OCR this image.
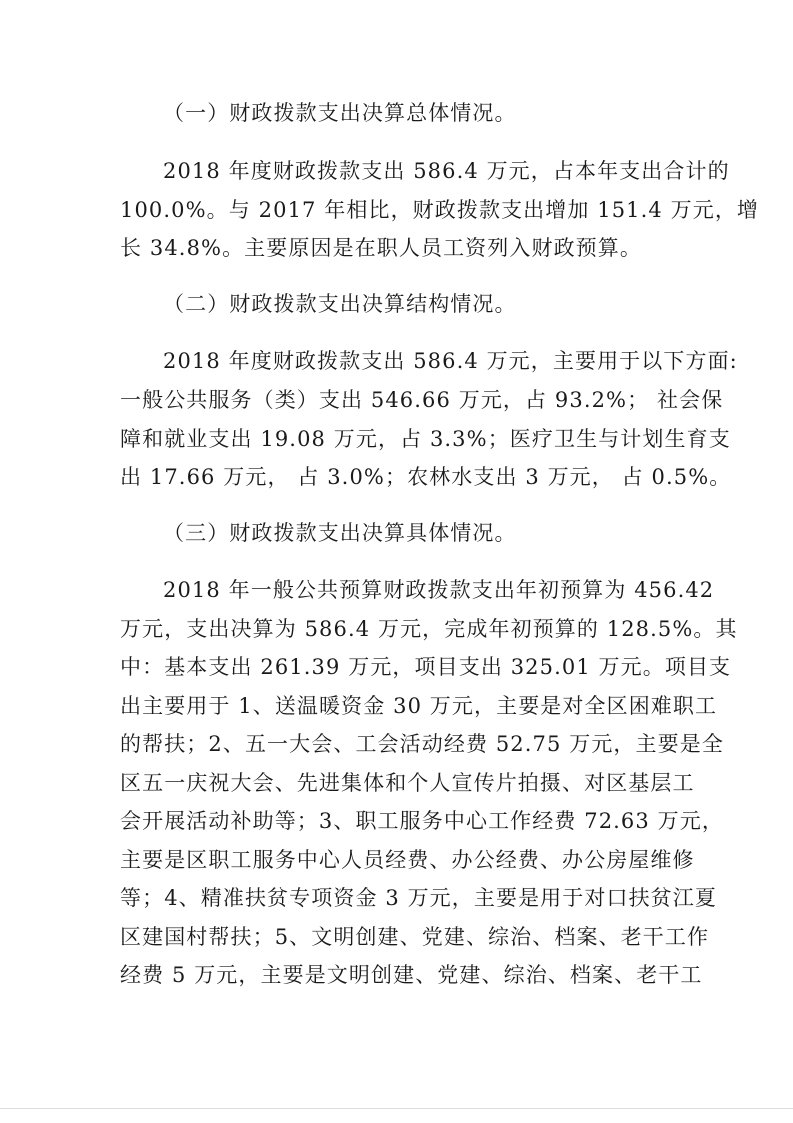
（一）财政拨款支出决算总体情况。
2018 年度财政拨款支出 586.4 万元，占本年支出合计的
100.0%。与 2017 年相比，财政拨款支出增加 151.4 万元，增
长 34.8%。主要原因是在职人员工资列入财政预算。
（二）财政拨款支出决算结构情况。
2018 年度财政拨款支出 586.4 万元，主要用于以下方面:
一般公共服务（类）支出 546.66 万元，占 93.2%； 社会保
障和就业支出 19.08 万元，占 3.3%；医疗卫生与计划生育支
出 17.66 万元， 占 3.0%；农林水支出 3 万元， 占 0.5%。
（三）财政拨款支出决算具体情况。
2018 年一般公共预算财政拨款支出年初预算为 456.42
万元，支出决算为 586.4 万元，完成年初预算的 128.5%。其
中：基本支出 261.39 万元，项目支出 325.01 万元。项目支
出主要用于 1、送温暖资金 30 万元，主要是对全区困难职工
的帮扶；2、五一大会、工会活动经费 52.75 万元，主要是全
区五一庆祝大会、先进集体和个人宣传片拍摄、对区基层工
会开展活动补助等；3、职工服务中心工作经费 72.63 万元，
主要是区职工服务中心人员经费、办公经费、办公房屋维修
等；4、精准扶贫专项资金 3 万元，主要是用于对口扶贫江夏
区建国村帮扶；5、文明创建、党建、综治、档案、老干工作
经费 5 万元，主要是文明创建、党建、综治、档案、老干工
